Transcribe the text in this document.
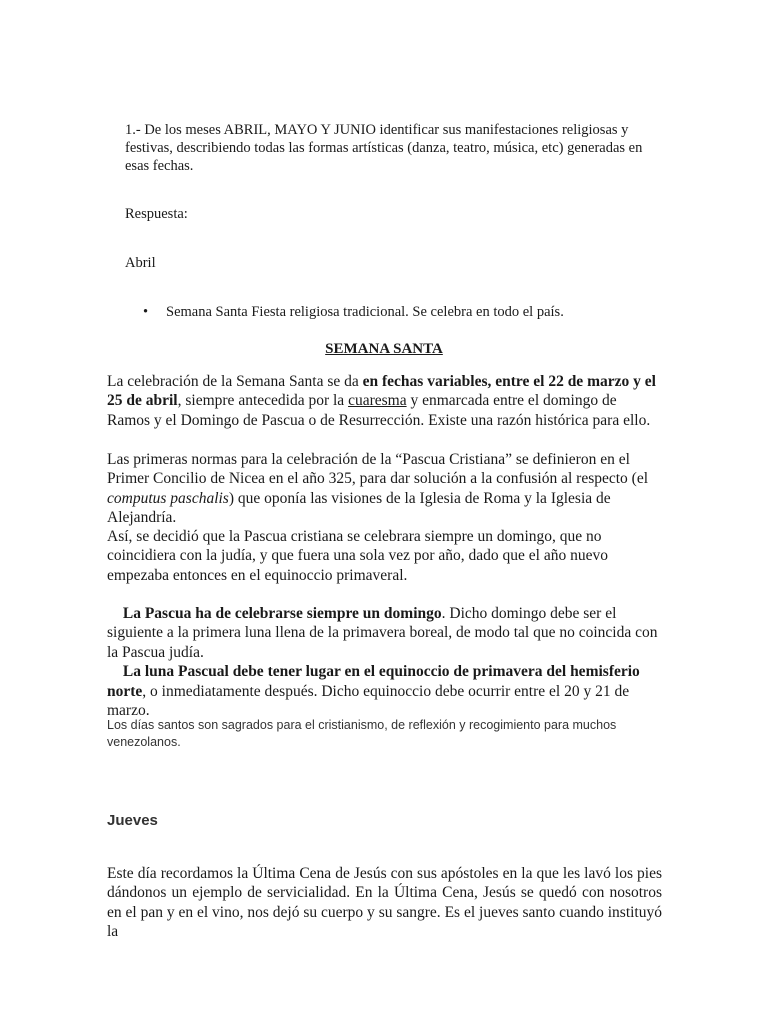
1.- De los meses ABRIL, MAYO Y JUNIO identificar sus manifestaciones religiosas y festivas, describiendo todas las formas artísticas (danza, teatro, música, etc) generadas en esas fechas.

Respuesta:

Abril

• Semana Santa Fiesta religiosa tradicional. Se celebra en todo el país.

SEMANA SANTA

La celebración de la Semana Santa se da en fechas variables, entre el 22 de marzo y el 25 de abril, siempre antecedida por la cuaresma y enmarcada entre el domingo de Ramos y el Domingo de Pascua o de Resurrección. Existe una razón histórica para ello.

Las primeras normas para la celebración de la “Pascua Cristiana” se definieron en el Primer Concilio de Nicea en el año 325, para dar solución a la confusión al respecto (el computus paschalis) que oponía las visiones de la Iglesia de Roma y la Iglesia de Alejandría.

Así, se decidió que la Pascua cristiana se celebrara siempre un domingo, que no coincidiera con la judía, y que fuera una sola vez por año, dado que el año nuevo empezaba entonces en el equinoccio primaveral.

La Pascua ha de celebrarse siempre un domingo. Dicho domingo debe ser el siguiente a la primera luna llena de la primavera boreal, de modo tal que no coincida con la Pascua judía.
La luna Pascual debe tener lugar en el equinoccio de primavera del hemisferio norte, o inmediatamente después. Dicho equinoccio debe ocurrir entre el 20 y 21 de marzo.

Los días santos son sagrados para el cristianismo, de reflexión y recogimiento para muchos venezolanos.

Jueves

Este día recordamos la Última Cena de Jesús con sus apóstoles en la que les lavó los pies dándonos un ejemplo de servicialidad. En la Última Cena, Jesús se quedó con nosotros en el pan y en el vino, nos dejó su cuerpo y su sangre. Es el jueves santo cuando instituyó la
